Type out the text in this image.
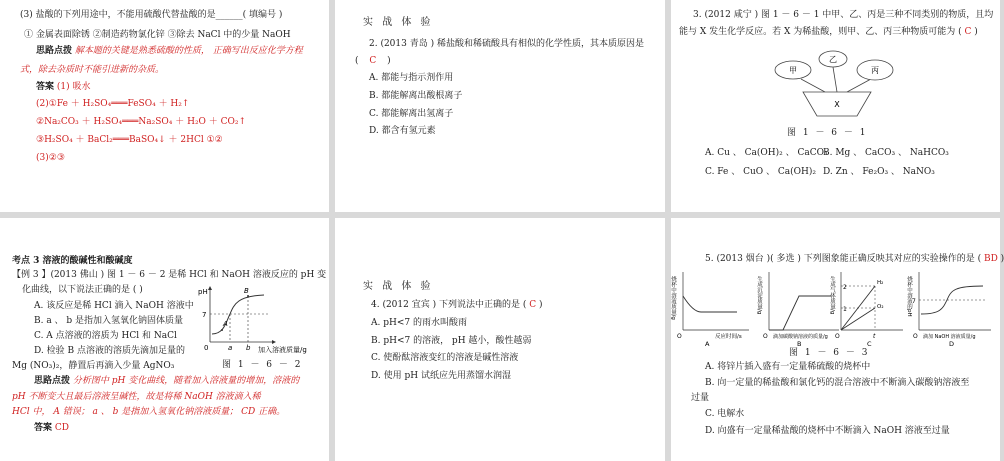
(3) 盐酸的下列用途中，不能用硫酸代替盐酸的是______( 填编号 )
① 金属表面除锈 ②制造药物氯化锌 ③除去 NaCl 中的少量 NaOH
思路点拨 解本题的关键是熟悉硫酸的性质， 正确写出反应化学方程
式，除去杂质时不能引进新的杂质。
答案 (1) 吸水
(2)①Fe ＋ H₂SO₄═══FeSO₄ ＋ H₂↑
②Na₂CO₃ ＋ H₂SO₄═══Na₂SO₄ ＋ H₂O ＋ CO₂↑
③H₂SO₄ ＋ BaCl₂═══BaSO₄↓ ＋ 2HCl ①②
(3)②③
实 战 体 验
2. (2013 青岛 ) 稀盐酸和稀硫酸具有相似的化学性质，其本质原因是
( C )
A. 都能与指示剂作用
B. 都能解离出酸根离子
C. 都能解离出氢离子
D. 都含有氢元素
3. (2012 咸宁 ) 图 1 － 6 － 1 中甲、乙、丙是三种不同类别的物质，且均
能与 X 发生化学反应。若 X 为稀盐酸，则甲、乙、丙三种物质可能为 ( C )
甲
乙
丙
X
图 1 － 6 － 1
A. Cu 、 Ca(OH)₂ 、 CaCO₃
B. Mg 、 CaCO₃ 、 NaHCO₃
C. Fe 、 CuO 、 Ca(OH)₂ D. Zn 、 Fe₂O₃ 、 NaNO₃
考点 3 溶液的酸碱性和酸碱度
【例 3 】(2013 佛山 ) 图 1 － 6 － 2 是稀 HCl 和 NaOH 溶液反应的 pH 变
化曲线，以下说法正确的是 ( )
A. 该反应是稀 HCl 滴入 NaOH 溶液中
B. a 、 b 是指加入氢氧化钠固体质量
C. A 点溶液的溶质为 HCl 和 NaCl
D. 检验 B 点溶液的溶质先滴加足量的
Mg (NO₃)₂，静置后再滴入少量 AgNO₃
pH
7
0	a b
A
B
加入溶液质量/g
图 1 － 6 － 2
思路点拨 分析图中 pH 变化曲线，随着加入溶液量的增加，溶液的
pH 不断变大且最后溶液呈碱性，故是将稀 NaOH 溶液滴入稀
HCl 中， A 错误； a 、 b 是指加入氢氧化钠溶液质量； CD 正确。
答案 CD
实 战 体 验
4. (2012 宜宾 ) 下列说法中正确的是 ( C )
A. pH<7 的雨水叫酸雨
B. pH<7 的溶液， pH 越小，酸性越弱
C. 使酚酞溶液变红的溶液是碱性溶液
D. 使用 pH 试纸应先用蒸馏水润湿
5. (2013 烟台 )( 多选 ) 下列图象能正确反映其对应的实验操作的是 ( BD )
烧杯中溶液质量/g
O	反应时间/s
A
生成沉淀质量/g
O 滴加碳酸钠溶液的质量/g
B
生成气体质量/g 2
1
H₂
O₂
O	t
C
烧杯中溶液的pH 7
O 滴加 NaOH 溶液质量/g
D
图 1 － 6 － 3
A. 将锌片插入盛有一定量稀硫酸的烧杯中
B. 向一定量的稀盐酸和氯化钙的混合溶液中不断滴入碳酸钠溶液至
过量
C. 电解水
D. 向盛有一定量稀盐酸的烧杯中不断滴入 NaOH 溶液至过量
